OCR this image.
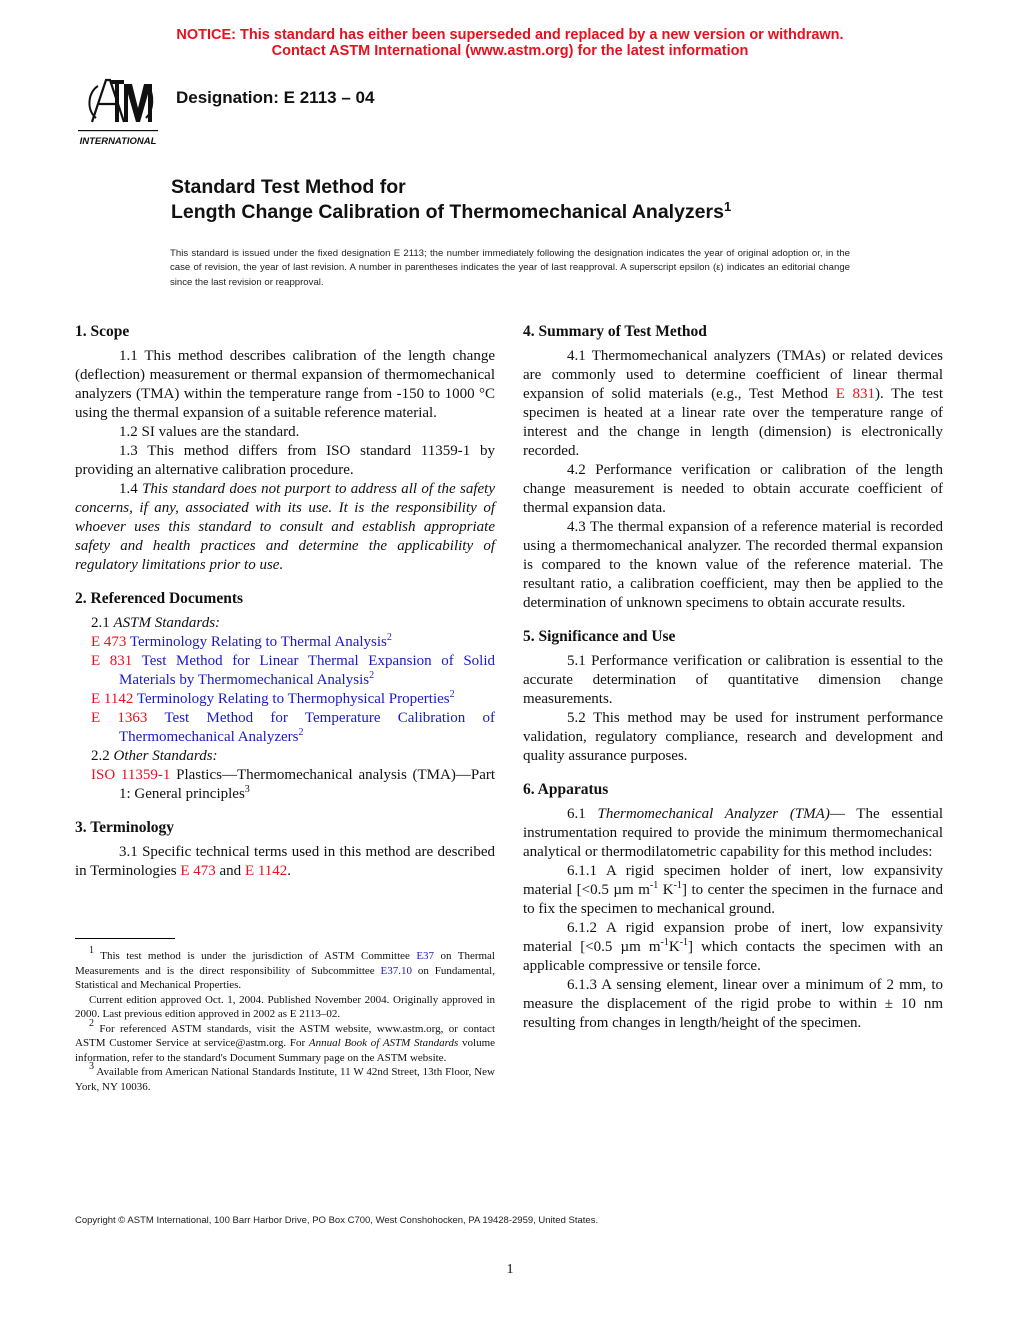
NOTICE: This standard has either been superseded and replaced by a new version or withdrawn.
Contact ASTM International (www.astm.org) for the latest information
INTERNATIONAL
Designation: E 2113 – 04
Standard Test Method for
Length Change Calibration of Thermomechanical Analyzers$^1$
This standard is issued under the fixed designation E 2113; the number immediately following the designation indicates the year of original adoption or, in the case of revision, the year of last revision. A number in parentheses indicates the year of last reapproval. A superscript epsilon (ε) indicates an editorial change since the last revision or reapproval.
1. Scope

1.1 This method describes calibration of the length change (deflection) measurement or thermal expansion of thermomechanical analyzers (TMA) within the temperature range from -150 to 1000 °C using the thermal expansion of a suitable reference material.

1.2 SI values are the standard.

1.3 This method differs from ISO standard 11359-1 by providing an alternative calibration procedure.

1.4 This standard does not purport to address all of the safety concerns, if any, associated with its use. It is the responsibility of whoever uses this standard to consult and establish appropriate safety and health practices and determine the applicability of regulatory limitations prior to use.

2. Referenced Documents

2.1 ASTM Standards:

E 473 Terminology Relating to Thermal Analysis$^2$

E 831 Test Method for Linear Thermal Expansion of Solid Materials by Thermomechanical Analysis$^2$

E 1142 Terminology Relating to Thermophysical Properties$^2$

E 1363 Test Method for Temperature Calibration of Thermomechanical Analyzers$^2$

2.2 Other Standards:

ISO 11359-1 Plastics—Thermomechanical analysis (TMA)—Part 1: General principles$^3$

3. Terminology

3.1 Specific technical terms used in this method are described in Terminologies E 473 and E 1142.

4. Summary of Test Method

4.1 Thermomechanical analyzers (TMAs) or related devices are commonly used to determine coefficient of linear thermal expansion of solid materials (e.g., Test Method E 831). The test specimen is heated at a linear rate over the temperature range of interest and the change in length (dimension) is electronically recorded.

4.2 Performance verification or calibration of the length change measurement is needed to obtain accurate coefficient of thermal expansion data.

4.3 The thermal expansion of a reference material is recorded using a thermomechanical analyzer. The recorded thermal expansion is compared to the known value of the reference material. The resultant ratio, a calibration coefficient, may then be applied to the determination of unknown specimens to obtain accurate results.

5. Significance and Use

5.1 Performance verification or calibration is essential to the accurate determination of quantitative dimension change measurements.

5.2 This method may be used for instrument performance validation, regulatory compliance, research and development and quality assurance purposes.

6. Apparatus

6.1 Thermomechanical Analyzer (TMA)— The essential instrumentation required to provide the minimum thermomechanical analytical or thermodilatometric capability for this method includes:

6.1.1 A rigid specimen holder of inert, low expansivity material [<0.5 µm $m^{-1}$ $K^{-1}$] to center the specimen in the furnace and to fix the specimen to mechanical ground.

6.1.2 A rigid expansion probe of inert, low expansivity material [<0.5 µm $m^{-1}K^{-1}$] which contacts the specimen with an applicable compressive or tensile force.

6.1.3 A sensing element, linear over a minimum of 2 mm, to measure the displacement of the rigid probe to within ± 10 nm resulting from changes in length/height of the specimen.

$^1$ This test method is under the jurisdiction of ASTM Committee E37 on Thermal Measurements and is the direct responsibility of Subcommittee E37.10 on Fundamental, Statistical and Mechanical Properties.

Current edition approved Oct. 1, 2004. Published November 2004. Originally approved in 2000. Last previous edition approved in 2002 as E 2113–02.

$^2$ For referenced ASTM standards, visit the ASTM website, www.astm.org, or contact ASTM Customer Service at service@astm.org. For Annual Book of ASTM Standards volume information, refer to the standard's Document Summary page on the ASTM website.

$^3$ Available from American National Standards Institute, 11 W 42nd Street, 13th Floor, New York, NY 10036.

Copyright © ASTM International, 100 Barr Harbor Drive, PO Box C700, West Conshohocken, PA 19428-2959, United States.
1
